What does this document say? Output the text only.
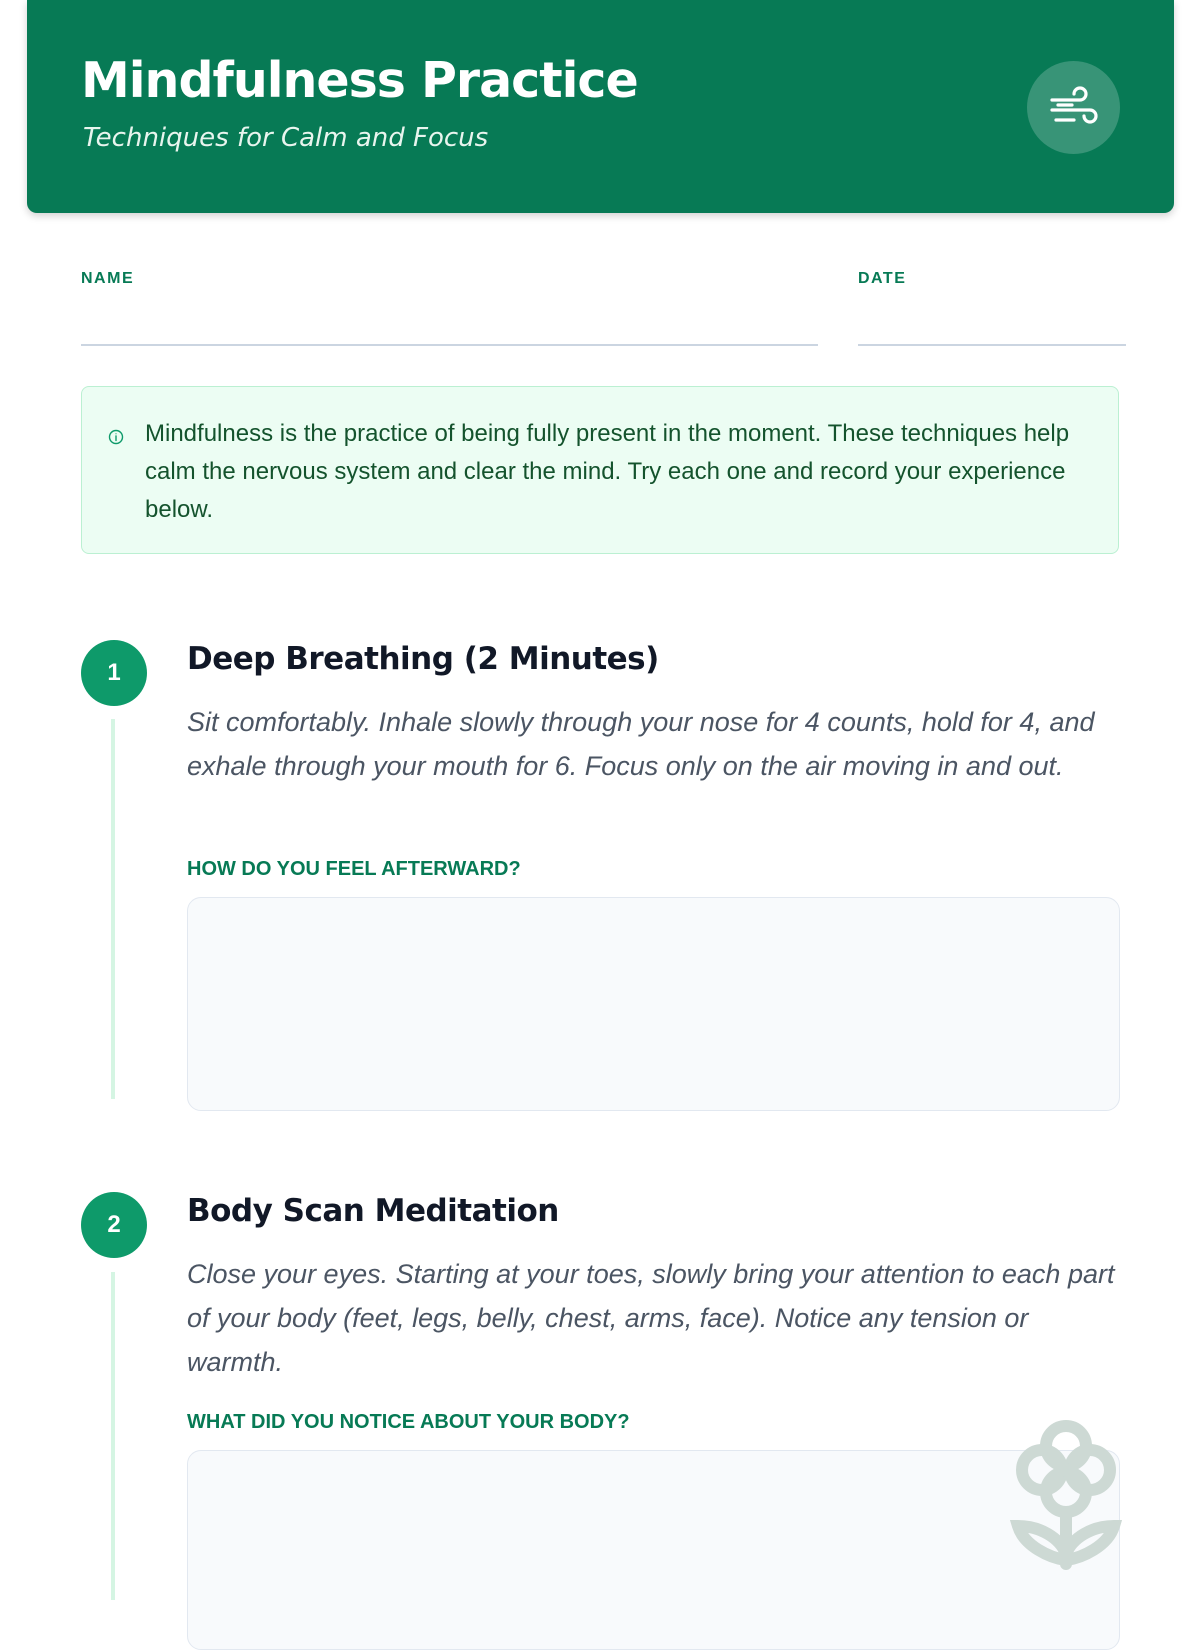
Mindfulness Practice
Techniques for Calm and Focus
NAME	DATE

Mindfulness is the practice of being fully present in the moment. These techniques help calm the nervous system and clear the mind. Try each one and record your experience below.

1	Deep Breathing (2 Minutes)

Sit comfortably. Inhale slowly through your nose for 4 counts, hold for 4, and exhale through your mouth for 6. Focus only on the air moving in and out.

HOW DO YOU FEEL AFTERWARD?
2	Body Scan Meditation

Close your eyes. Starting at your toes, slowly bring your attention to each part of your body (feet, legs, belly, chest, arms, face). Notice any tension or warmth.

WHAT DID YOU NOTICE ABOUT YOUR BODY?
